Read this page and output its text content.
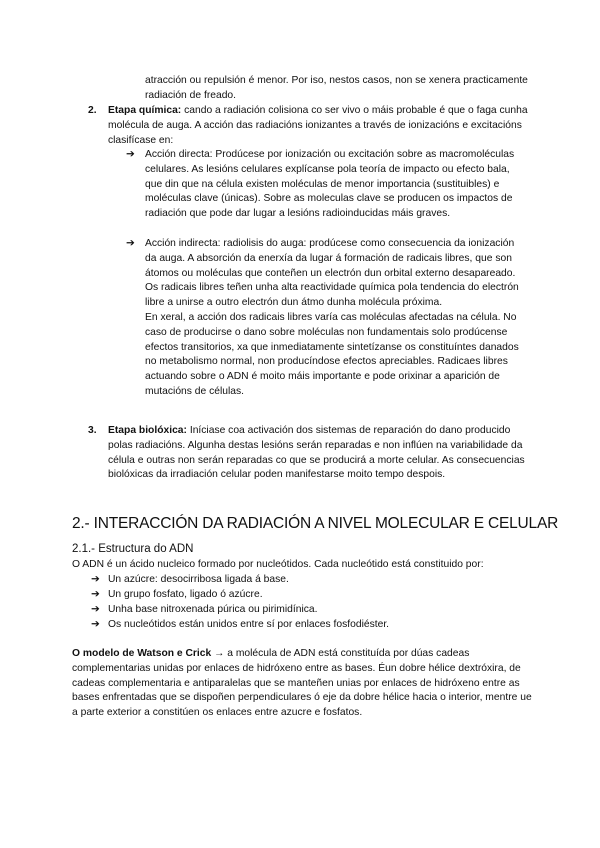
atracción ou repulsión é menor. Por iso, nestos casos, non se xenera practicamente radiación de freado.

2. Etapa química: cando a radiación colisiona co ser vivo o máis probable é que o faga cunha molécula de auga. A acción das radiacións ionizantes a través de ionizacións e excitacións clasifícase en:
➔ Acción directa: Prodúcese por ionización ou excitación sobre as macromoléculas celulares. As lesións celulares explícanse pola teoría de impacto ou efecto bala, que din que na célula existen moléculas de menor importancia (sustituibles) e moléculas clave (únicas). Sobre as moleculas clave se producen os impactos de radiación que pode dar lugar a lesións radioinducidas máis graves.
➔ Acción indirecta: radiolisis do auga: prodúcese como consecuencia da ionización da auga. A absorción da enerxía da lugar á formación de radicais libres, que son átomos ou moléculas que conteñen un electrón dun orbital externo desapareado. Os radicais libres teñen unha alta reactividade química pola tendencia do electrón libre a unirse a outro electrón dun átmo dunha molécula próxima.
En xeral, a acción dos radicais libres varía cas moléculas afectadas na célula. No caso de producirse o dano sobre moléculas non fundamentais solo prodúcense efectos transitorios, xa que inmediatamente sintetízanse os constituíntes danados no metabolismo normal, non producíndose efectos apreciables. Radicaes libres actuando sobre o ADN é moito máis importante e pode orixinar a aparición de mutacións de células.
3. Etapa biolóxica: Iníciase coa activación dos sistemas de reparación do dano producido polas radiacións. Algunha destas lesións serán reparadas e non inflúen na variabilidade da célula e outras non serán reparadas co que se producirá a morte celular. As consecuencias biolóxicas da irradiación celular poden manifestarse moito tempo despois.
2.- INTERACCIÓN DA RADIACIÓN A NIVEL MOLECULAR E CELULAR
2.1.- Estructura do ADN
O ADN é un ácido nucleico formado por nucleótidos. Cada nucleótido está constituido por:
➔ Un azúcre: desocirribosa ligada á base.
➔ Un grupo fosfato, ligado ó azúcre.
➔ Unha base nitroxenada púrica ou pirimidínica.
➔ Os nucleótidos están unidos entre sí por enlaces fosfodiéster.
O modelo de Watson e Crick → a molécula de ADN está constituída por dúas cadeas complementarias unidas por enlaces de hidróxeno entre as bases. Éun dobre hélice dextróxira, de cadeas complementaria e antiparalelas que se manteñen unias por enlaces de hidróxeno entre as bases enfrentadas que se dispoñen perpendiculares ó eje da dobre hélice hacia o interior, mentre ue a parte exterior a constitúen os enlaces entre azucre e fosfatos.
